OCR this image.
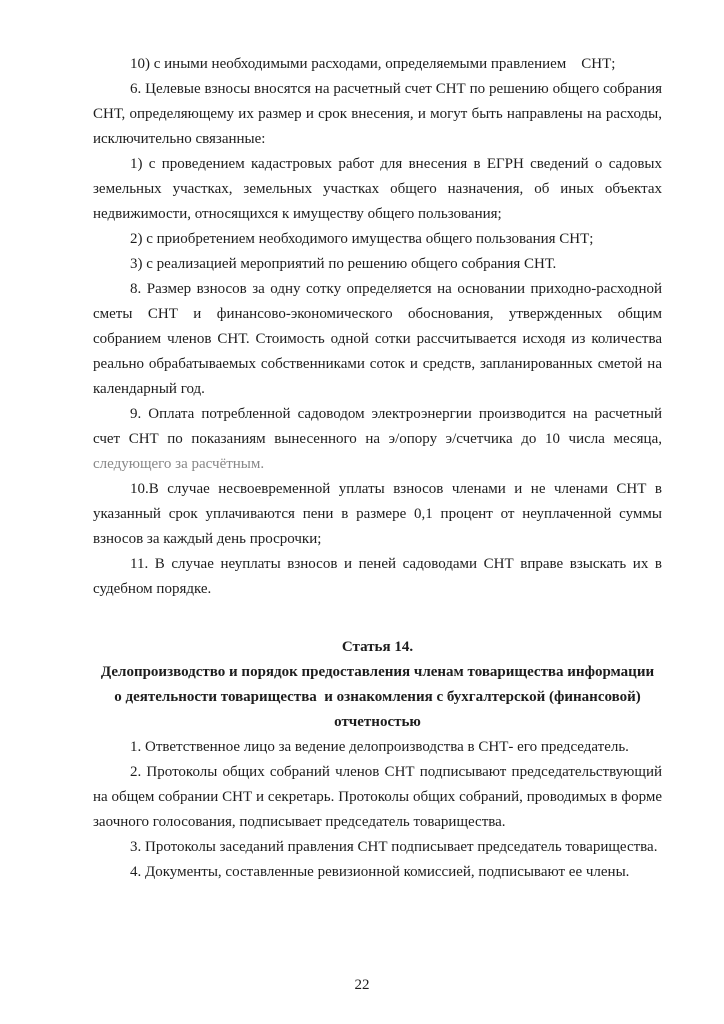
10) с иными необходимыми расходами, определяемыми правлением    СНТ;

6. Целевые взносы вносятся на расчетный счет СНТ по решению общего собрания СНТ, определяющему их размер и срок внесения, и могут быть направлены на расходы, исключительно связанные:

1) с проведением кадастровых работ для внесения в ЕГРН сведений о садовых земельных участках, земельных участках общего назначения, об иных объектах недвижимости, относящихся к имуществу общего пользования;

2) с приобретением необходимого имущества общего пользования СНТ;

3) с реализацией мероприятий по решению общего собрания СНТ.

8. Размер взносов за одну сотку определяется на основании приходно-расходной сметы СНТ и финансово-экономического обоснования, утвержденных общим собранием членов СНТ. Стоимость одной сотки рассчитывается исходя из количества реально обрабатываемых собственниками соток и средств, запланированных сметой на календарный год.

9. Оплата потребленной садоводом электроэнергии производится на расчетный счет СНТ по показаниям вынесенного на э/опору э/счетчика до 10 числа месяца, следующего за расчётным.

10.В случае несвоевременной уплаты взносов членами и не членами СНТ в указанный срок уплачиваются пени в размере 0,1 процент от неуплаченной суммы взносов за каждый день просрочки;

11. В случае неуплаты взносов и пеней садоводами СНТ вправе взыскать их в судебном порядке.

Статья 14.

Делопроизводство и порядок предоставления членам товарищества информации

о деятельности товарищества  и ознакомления с бухгалтерской (финансовой)

отчетностью

1. Ответственное лицо за ведение делопроизводства в СНТ- его председатель.

2. Протоколы общих собраний членов СНТ подписывают председательствующий на общем собрании СНТ и секретарь. Протоколы общих собраний, проводимых в форме заочного голосования, подписывает председатель товарищества.

3. Протоколы заседаний правления СНТ подписывает председатель товарищества.

4. Документы, составленные ревизионной комиссией, подписывают ее члены.

22
